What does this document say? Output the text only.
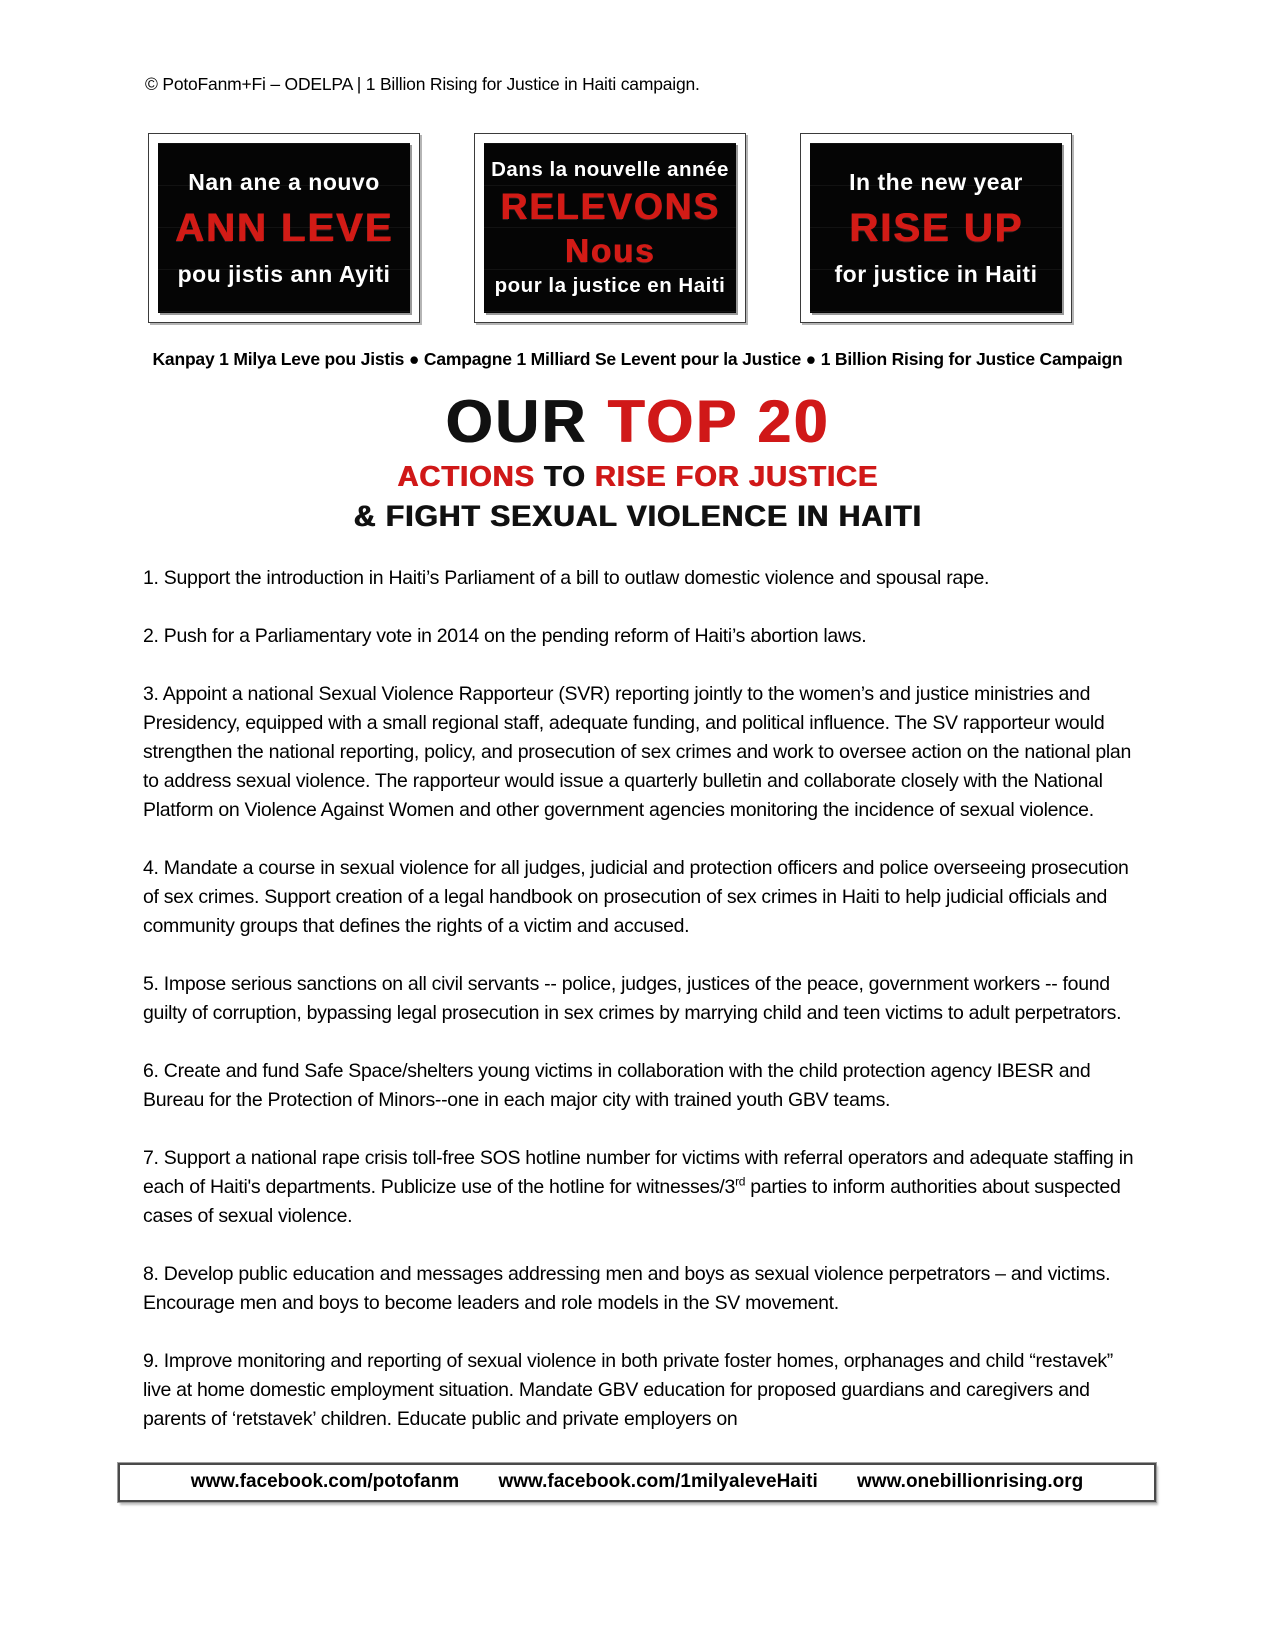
© PotoFanm+Fi – ODELPA | 1 Billion Rising for Justice in Haiti campaign.
Nan ane a nouvo
ANN LEVE
pou jistis ann Ayiti
Dans la nouvelle année
RELEVONS
Nous
pour la justice en Haiti
In the new year
RISE UP
for justice in Haiti
Kanpay 1 Milya Leve pou Jistis ● Campagne 1 Milliard Se Levent pour la Justice ● 1 Billion Rising for Justice Campaign
OUR TOP 20
ACTIONS TO RISE FOR JUSTICE
& FIGHT SEXUAL VIOLENCE IN HAITI

1. Support the introduction in Haiti’s Parliament of a bill to outlaw domestic violence and spousal rape.

2. Push for a Parliamentary vote in 2014 on the pending reform of Haiti’s abortion laws.

3. Appoint a national Sexual Violence Rapporteur (SVR) reporting jointly to the women’s and justice ministries and Presidency, equipped with a small regional staff, adequate funding, and political influence. The SV rapporteur would strengthen the national reporting, policy, and prosecution of sex crimes and work to oversee action on the national plan to address sexual violence. The rapporteur would issue a quarterly bulletin and collaborate closely with the National Platform on Violence Against Women and other government agencies monitoring the incidence of sexual violence.

4. Mandate a course in sexual violence for all judges, judicial and protection officers and police overseeing prosecution of sex crimes. Support creation of a legal handbook on prosecution of sex crimes in Haiti to help judicial officials and community groups that defines the rights of a victim and accused.

5. Impose serious sanctions on all civil servants -- police, judges, justices of the peace, government workers -- found guilty of corruption, bypassing legal prosecution in sex crimes by marrying child and teen victims to adult perpetrators.

6. Create and fund Safe Space/shelters young victims in collaboration with the child protection agency IBESR and Bureau for the Protection of Minors--one in each major city with trained youth GBV teams.

7. Support a national rape crisis toll-free SOS hotline number for victims with referral operators and adequate staffing in each of Haiti's departments. Publicize use of the hotline for witnesses/3rd parties to inform authorities about suspected cases of sexual violence.

8. Develop public education and messages addressing men and boys as sexual violence perpetrators – and victims. Encourage men and boys to become leaders and role models in the SV movement.

9. Improve monitoring and reporting of sexual violence in both private foster homes, orphanages and child “restavek” live at home domestic employment situation. Mandate GBV education for proposed guardians and caregivers and parents of ‘retstavek’ children. Educate public and private employers on

www.facebook.com/potofanm www.facebook.com/1milyaleveHaiti www.onebillionrising.org
